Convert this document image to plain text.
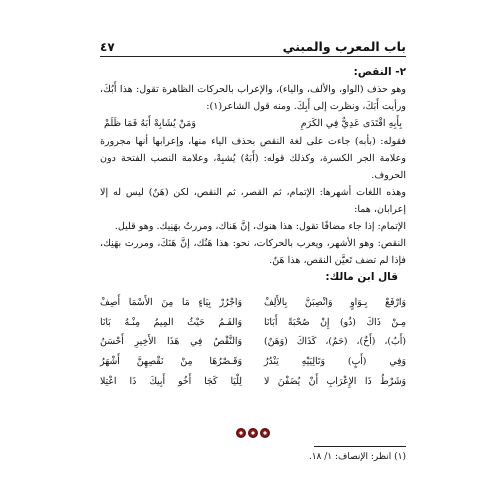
باب المعرب والمبني
٤٧

٢- النقص:

وهو حذف (الواو، والألف، والياء)، والإعراب بالحركات الظاهرة تقول: هذا أَبُكَ، ورأيت أَبَكَ، ونظرت إلى أَبِكَ. ومنه قول الشاعر(١):

بِأَبِهِ اقْتَدَى عَدِيٌّ فِي الكَرَمِ
وَمَنْ يُشَابِهْ أَبَهُ فَمَا ظَلَمْ

فقوله: (بأبه) جاءت على لغة النقص بحذف الياء منها، وإعرابها أنها مجرورة وعلامة الجر الكسرة، وكذلك قوله: (أَبَهُ) يُشبِهْ، وعلامة النصب الفتحة دون الحروف.

وهذه اللغات أشهرها: الإتمام، ثم القصر، ثم النقص، لكن (هَنٌ) ليس له إلا إعرابان، هما:

الإتمام: إذا جاء مضافًا تقول: هذا هنوك، إنَّ هَناك، ومررتُ بهَنِيك. وهو قليل.

النقص: وهو الأشهر، ويعرب بالحركات، نحو: هذا هَنُك، إنَّ هَنَكَ، ومررت بهَنِك، فإذا لم تضف تَعيَّن النقص، هذا هَنٌ.

قال ابن مالك:

وَارْفَعْ بِـوَاوٍ وَانْصِبَنَّ بِالأَلِفْ
وَاجْرُرْ بِيَاءٍ مَا مِنَ الأَسْمَا أَصِفْ
مِـنْ ذَاكَ (ذُو) إِنْ صُحْبَةً أَبَانَا
وَالفَـمُ حَيْثُ المِيمُ مِنْـهُ بَانَا
(أَبٌ)، (أَخٌ)، (حَمٌ)، كَذَاكَ (وَهَنٌ)
وَالنَّقْصُ فِي هَذَا الأَخِيرِ أَحْسَنُ
وَفِي (أَبٍ) وَتَالِيَيْهِ يَنْدُرُ
وَقَـصْرُهَا مِنْ نَقْصِهِنَّ أَشْهَرُ
وَشَرْطُ ذَا الإِعْرَابِ أَنْ يُضَفْنَ لا
لِلْيَا كَجَا أَخُو أَبِيكَ ذَا اعْتِلا
(١) انظر: الإنصاف: ١/ ١٨.
